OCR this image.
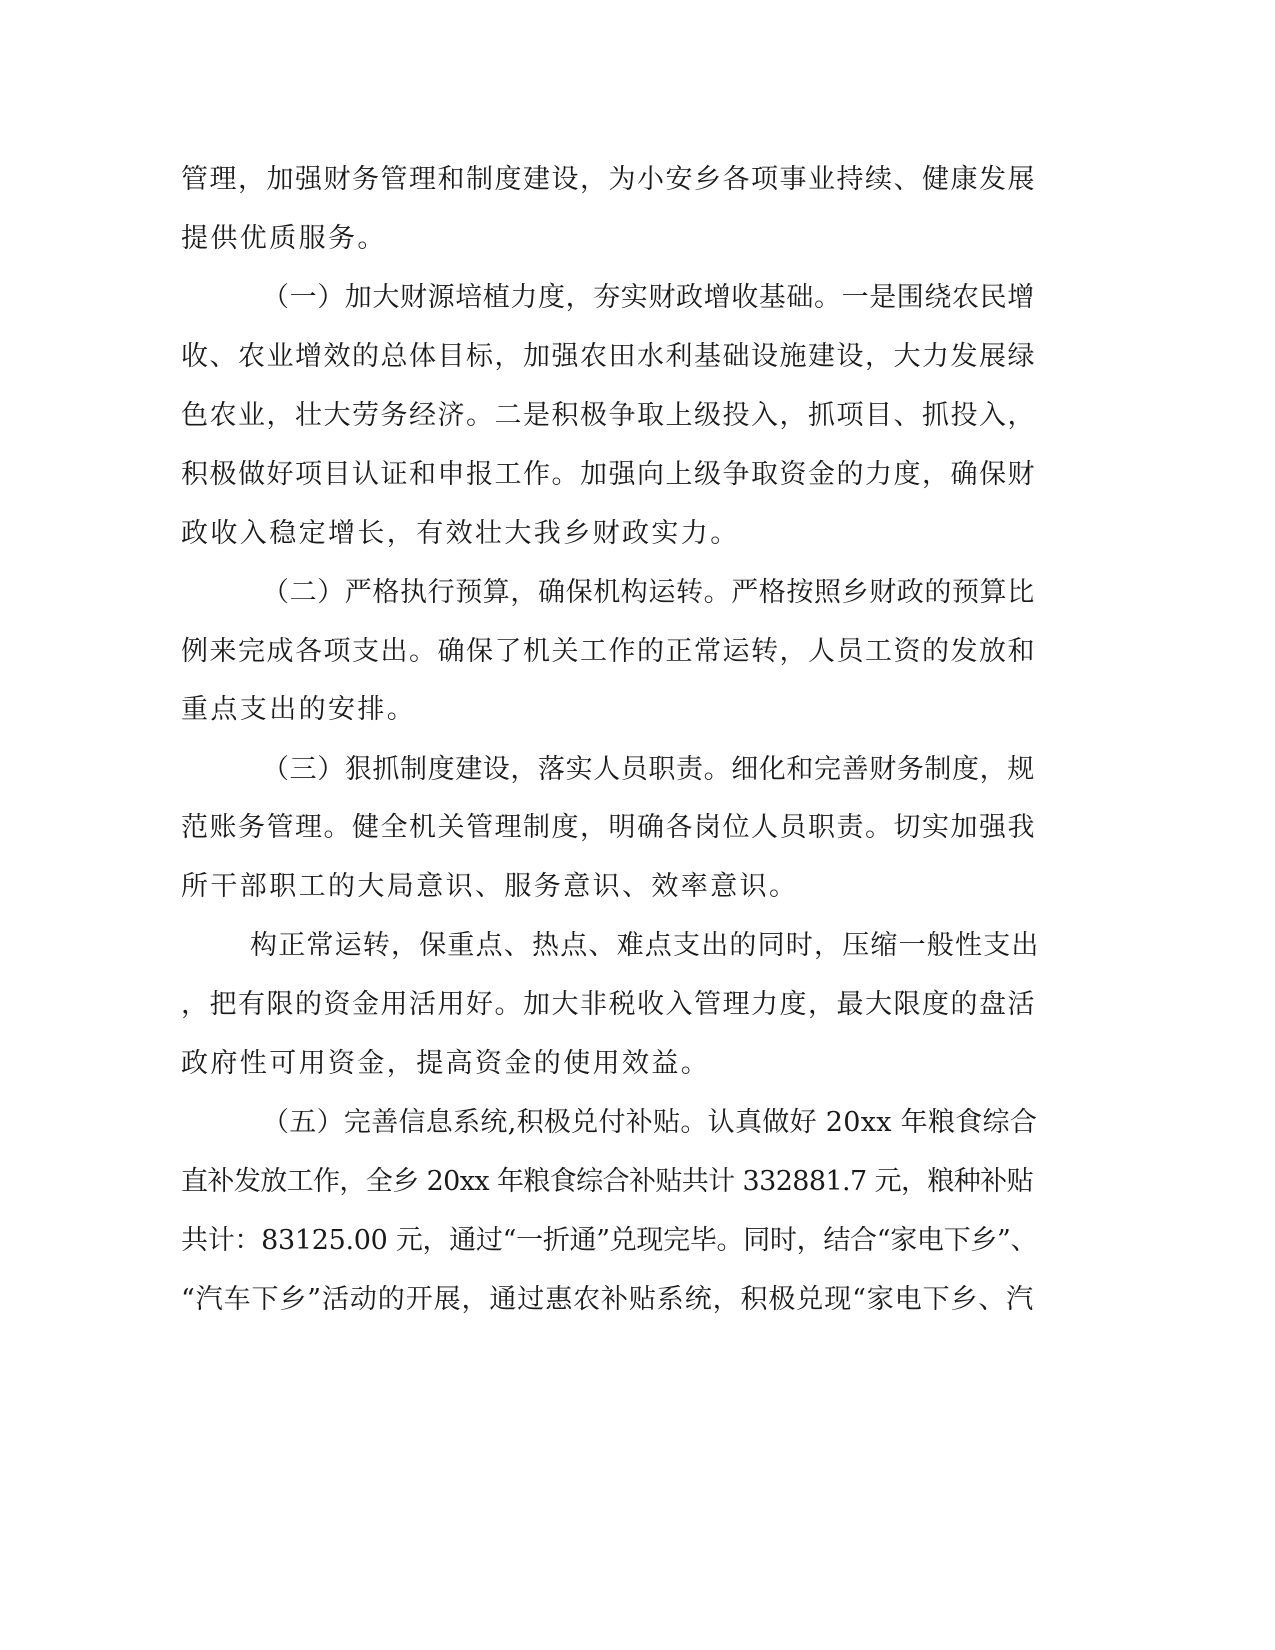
管理，加强财务管理和制度建设，为小安乡各项事业持续、健康发展
提供优质服务。
（一）加大财源培植力度，夯实财政增收基础。一是围绕农民增
收、农业增效的总体目标，加强农田水利基础设施建设，大力发展绿
色农业，壮大劳务经济。二是积极争取上级投入，抓项目、抓投入，
积极做好项目认证和申报工作。加强向上级争取资金的力度，确保财
政收入稳定增长，有效壮大我乡财政实力。
（二）严格执行预算，确保机构运转。严格按照乡财政的预算比
例来完成各项支出。确保了机关工作的正常运转，人员工资的发放和
重点支出的安排。
（三）狠抓制度建设，落实人员职责。细化和完善财务制度，规
范账务管理。健全机关管理制度，明确各岗位人员职责。切实加强我
所干部职工的大局意识、服务意识、效率意识。
构正常运转，保重点、热点、难点支出的同时，压缩一般性支出
，把有限的资金用活用好。加大非税收入管理力度，最大限度的盘活
政府性可用资金，提高资金的使用效益。
（五）完善信息系统,积极兑付补贴。认真做好 20xx 年粮食综合
直补发放工作，全乡 20xx 年粮食综合补贴共计 332881.7 元，粮种补贴
共计：83125.00 元，通过“一折通”兑现完毕。同时，结合“家电下乡”、
“汽车下乡”活动的开展，通过惠农补贴系统，积极兑现“家电下乡、汽
